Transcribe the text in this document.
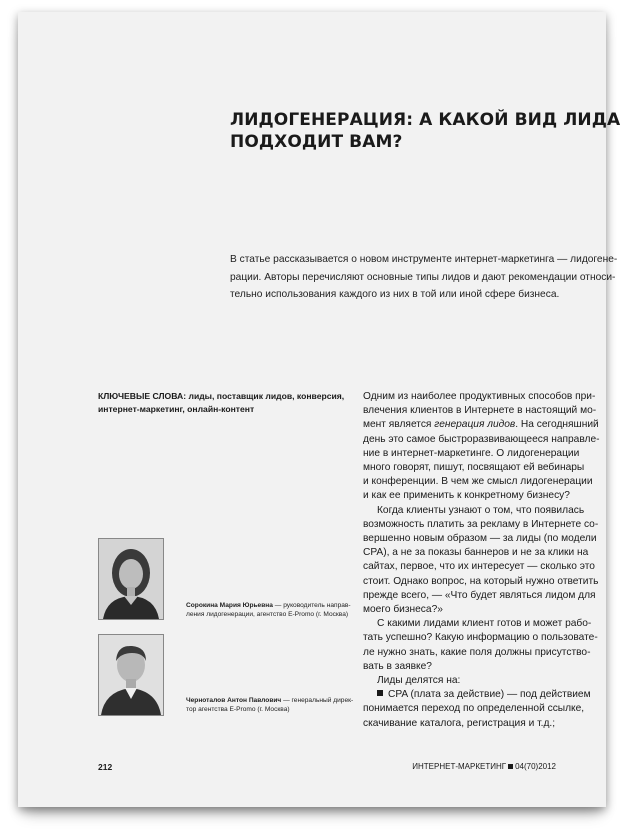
ЛИДОГЕНЕРАЦИЯ: А КАКОЙ ВИД ЛИДА
ПОДХОДИТ ВАМ?
В статье рассказывается о новом инструменте интернет-маркетинга — лидогене-
рации. Авторы перечисляют основные типы лидов и дают рекомендации относи-
тельно использования каждого из них в той или иной сфере бизнеса.
КЛЮЧЕВЫЕ СЛОВА: лиды, поставщик лидов, конверсия,
интернет-маркетинг, онлайн-контент
Одним из наиболее продуктивных способов при-
влечения клиентов в Интернете в настоящий мо-
мент является генерация лидов. На сегодняшний
день это самое быстроразвивающееся направле-
ние в интернет-маркетинге. О лидогенерации
много говорят, пишут, посвящают ей вебинары
и конференции. В чем же смысл лидогенерации
и как ее применить к конкретному бизнесу?
Когда клиенты узнают о том, что появилась
возможность платить за рекламу в Интернете со-
вершенно новым образом — за лиды (по модели
CPA), а не за показы баннеров и не за клики на
сайтах, первое, что их интересует — сколько это
стоит. Однако вопрос, на который нужно ответить
прежде всего, — «Что будет являться лидом для
моего бизнеса?»
С какими лидами клиент готов и может рабо-
тать успешно? Какую информацию о пользовате-
ле нужно знать, какие поля должны присутство-
вать в заявке?
Лиды делятся на:
CPA (плата за действие) — под действием
понимается переход по определенной ссылке,
скачивание каталога, регистрация и т.д.;
Сорокина Мария Юрьевна — руководитель направ-
ления лидогенерации, агентство E-Promo (г. Москва)
Черноталов Антон Павлович — генеральный дирек-
тор агентства E-Promo (г. Москва)
212	ИНТЕРНЕТ-МАРКЕТИНГ 04(70)2012
